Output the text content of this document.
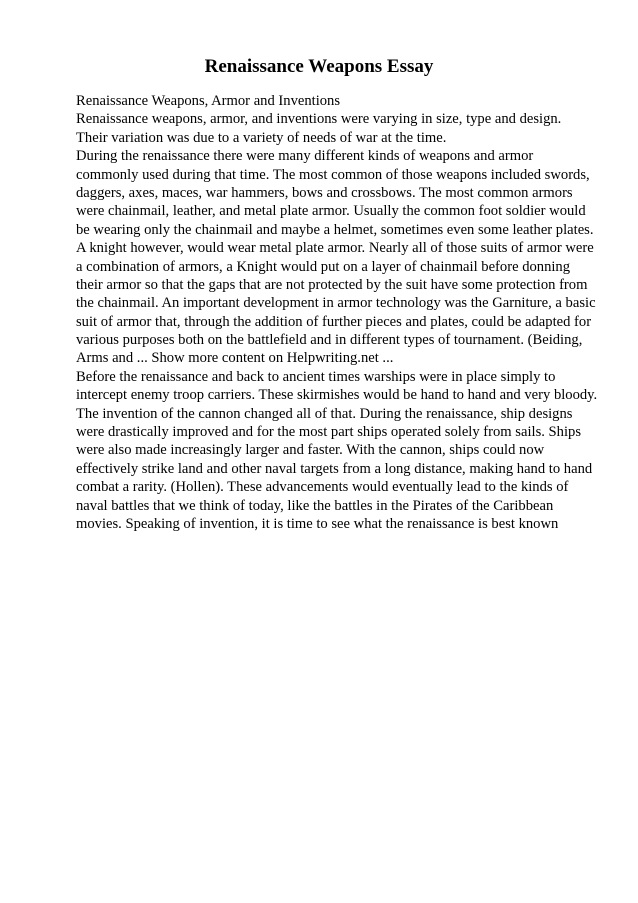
Renaissance Weapons Essay
Renaissance Weapons, Armor and Inventions
Renaissance weapons, armor, and inventions were varying in size, type and design.
Their variation was due to a variety of needs of war at the time.
During the renaissance there were many different kinds of weapons and armor
commonly used during that time. The most common of those weapons included swords,
daggers, axes, maces, war hammers, bows and crossbows. The most common armors
were chainmail, leather, and metal plate armor. Usually the common foot soldier would
be wearing only the chainmail and maybe a helmet, sometimes even some leather plates.
A knight however, would wear metal plate armor. Nearly all of those suits of armor were
a combination of armors, a Knight would put on a layer of chainmail before donning
their armor so that the gaps that are not protected by the suit have some protection from
the chainmail. An important development in armor technology was the Garniture, a basic
suit of armor that, through the addition of further pieces and plates, could be adapted for
various purposes both on the battlefield and in different types of tournament. (Beiding,
Arms and ... Show more content on Helpwriting.net ...
Before the renaissance and back to ancient times warships were in place simply to
intercept enemy troop carriers. These skirmishes would be hand to hand and very bloody.
The invention of the cannon changed all of that. During the renaissance, ship designs
were drastically improved and for the most part ships operated solely from sails. Ships
were also made increasingly larger and faster. With the cannon, ships could now
effectively strike land and other naval targets from a long distance, making hand to hand
combat a rarity. (Hollen). These advancements would eventually lead to the kinds of
naval battles that we think of today, like the battles in the Pirates of the Caribbean
movies. Speaking of invention, it is time to see what the renaissance is best known
